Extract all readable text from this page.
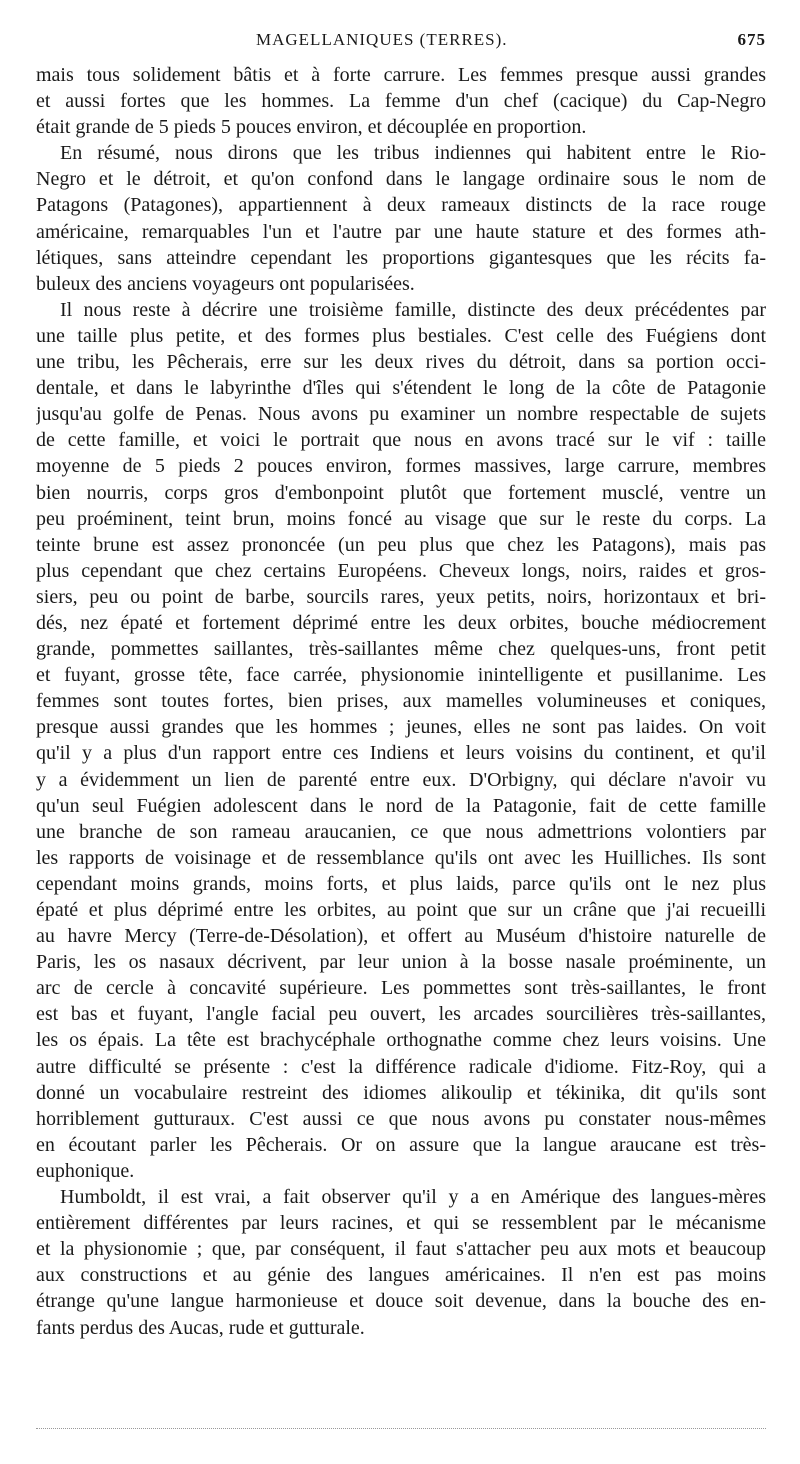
MAGELLANIQUES (TERRES).	675
mais tous solidement bâtis et à forte carrure. Les femmes presque aussi grandes
et aussi fortes que les hommes. La femme d'un chef (cacique) du Cap-Negro
était grande de 5 pieds 5 pouces environ, et découplée en proportion.
En résumé, nous dirons que les tribus indiennes qui habitent entre le Rio-
Negro et le détroit, et qu'on confond dans le langage ordinaire sous le nom de
Patagons (Patagones), appartiennent à deux rameaux distincts de la race rouge
américaine, remarquables l'un et l'autre par une haute stature et des formes ath-
létiques, sans atteindre cependant les proportions gigantesques que les récits fa-
buleux des anciens voyageurs ont popularisées.
Il nous reste à décrire une troisième famille, distincte des deux précédentes par
une taille plus petite, et des formes plus bestiales. C'est celle des Fuégiens dont
une tribu, les Pêcherais, erre sur les deux rives du détroit, dans sa portion occi-
dentale, et dans le labyrinthe d'îles qui s'étendent le long de la côte de Patagonie
jusqu'au golfe de Penas. Nous avons pu examiner un nombre respectable de sujets
de cette famille, et voici le portrait que nous en avons tracé sur le vif : taille
moyenne de 5 pieds 2 pouces environ, formes massives, large carrure, membres
bien nourris, corps gros d'embonpoint plutôt que fortement musclé, ventre un
peu proéminent, teint brun, moins foncé au visage que sur le reste du corps. La
teinte brune est assez prononcée (un peu plus que chez les Patagons), mais pas
plus cependant que chez certains Européens. Cheveux longs, noirs, raides et gros-
siers, peu ou point de barbe, sourcils rares, yeux petits, noirs, horizontaux et bri-
dés, nez épaté et fortement déprimé entre les deux orbites, bouche médiocrement
grande, pommettes saillantes, très-saillantes même chez quelques-uns, front petit
et fuyant, grosse tête, face carrée, physionomie inintelligente et pusillanime. Les
femmes sont toutes fortes, bien prises, aux mamelles volumineuses et coniques,
presque aussi grandes que les hommes ; jeunes, elles ne sont pas laides. On voit
qu'il y a plus d'un rapport entre ces Indiens et leurs voisins du continent, et qu'il
y a évidemment un lien de parenté entre eux. D'Orbigny, qui déclare n'avoir vu
qu'un seul Fuégien adolescent dans le nord de la Patagonie, fait de cette famille
une branche de son rameau araucanien, ce que nous admettrions volontiers par
les rapports de voisinage et de ressemblance qu'ils ont avec les Huilliches. Ils sont
cependant moins grands, moins forts, et plus laids, parce qu'ils ont le nez plus
épaté et plus déprimé entre les orbites, au point que sur un crâne que j'ai recueilli
au havre Mercy (Terre-de-Désolation), et offert au Muséum d'histoire naturelle de
Paris, les os nasaux décrivent, par leur union à la bosse nasale proéminente, un
arc de cercle à concavité supérieure. Les pommettes sont très-saillantes, le front
est bas et fuyant, l'angle facial peu ouvert, les arcades sourcilières très-saillantes,
les os épais. La tête est brachycéphale orthognathe comme chez leurs voisins. Une
autre difficulté se présente : c'est la différence radicale d'idiome. Fitz-Roy, qui a
donné un vocabulaire restreint des idiomes alikoulip et tékinika, dit qu'ils sont
horriblement gutturaux. C'est aussi ce que nous avons pu constater nous-mêmes
en écoutant parler les Pêcherais. Or on assure que la langue araucane est très-
euphonique.
Humboldt, il est vrai, a fait observer qu'il y a en Amérique des langues-mères
entièrement différentes par leurs racines, et qui se ressemblent par le mécanisme
et la physionomie ; que, par conséquent, il faut s'attacher peu aux mots et beaucoup
aux constructions et au génie des langues américaines. Il n'en est pas moins
étrange qu'une langue harmonieuse et douce soit devenue, dans la bouche des en-
fants perdus des Aucas, rude et gutturale.
